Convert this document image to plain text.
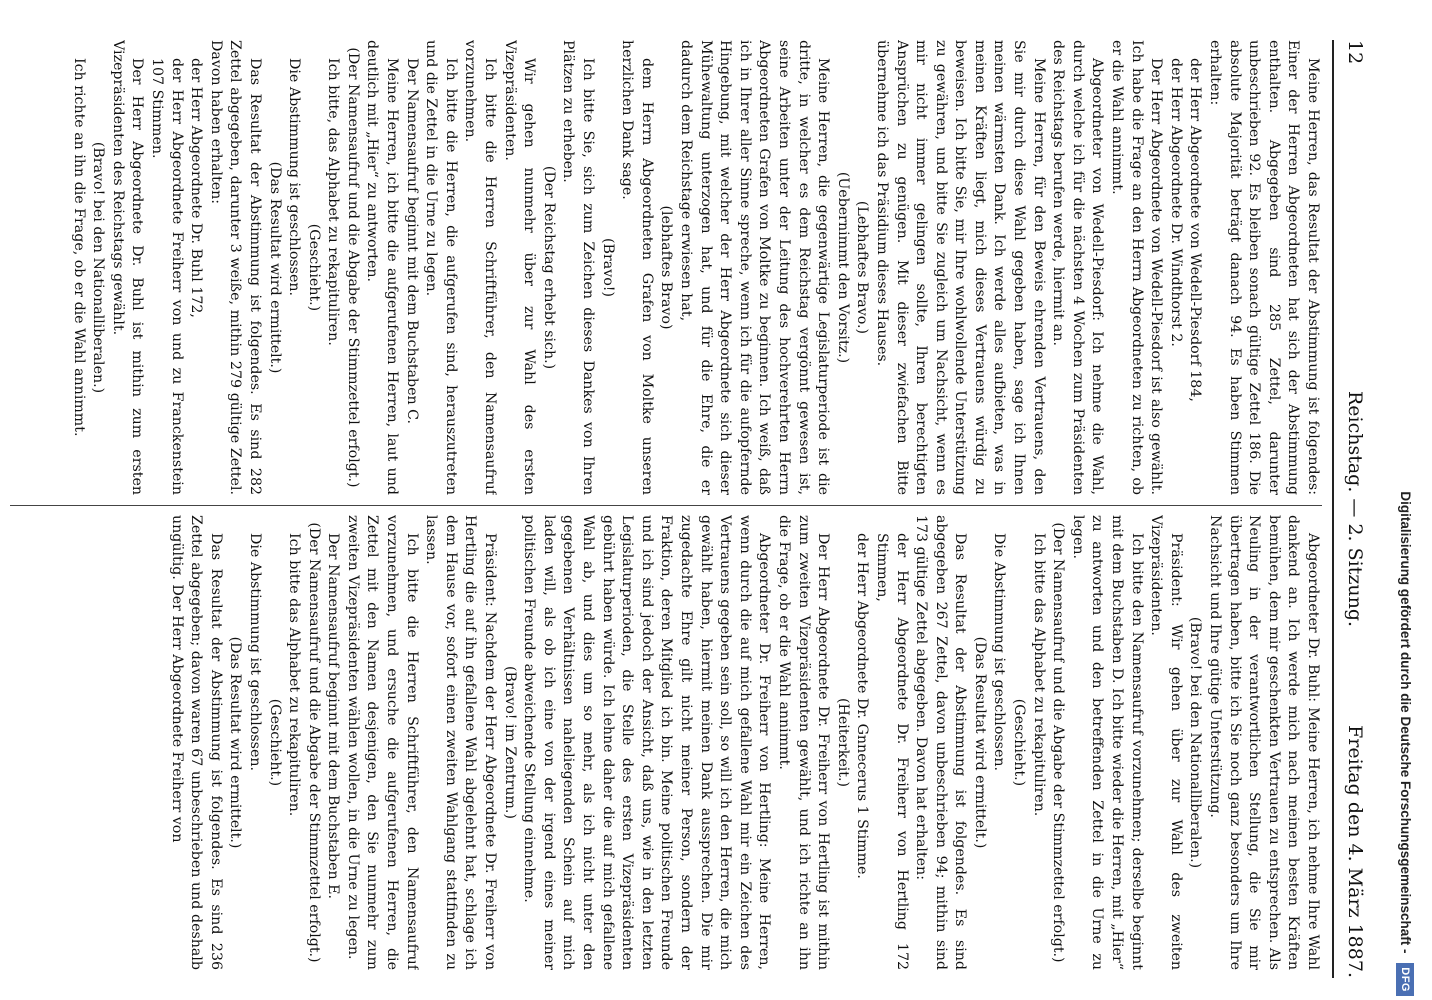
12
Reichstag. — 2. Sitzung.
Freitag den 4. März 1887.

Meine Herren, das Resultat der Abstimmung ist folgendes: Einer der Herren Abgeordneten hat sich der Abstimmung enthalten. Abgegeben sind 285 Zettel, darunter unbeschrieben 92. Es bleiben sonach gültige Zettel 186. Die absolute Majorität beträgt danach 94. Es haben Stimmen erhalten:

der Herr Abgeordnete von Wedell-Piesdorf 184,

der Herr Abgeordnete Dr. Windthorst 2.

Der Herr Abgeordnete von Wedell-Piesdorf ist also gewählt. Ich habe die Frage an den Herrn Abgeordneten zu richten, ob er die Wahl annimmt.

Abgeordneter von Wedell-Piesdorf: Ich nehme die Wahl, durch welche ich für die nächsten 4 Wochen zum Präsidenten des Reichstags berufen werde, hiermit an.

Meine Herren, für den Beweis ehrenden Vertrauens, den Sie mir durch diese Wahl gegeben haben, sage ich Ihnen meinen wärmsten Dank. Ich werde alles aufbieten, was in meinen Kräften liegt, mich dieses Vertrauens würdig zu beweisen. Ich bitte Sie, mir Ihre wohlwollende Unterstützung zu gewähren, und bitte Sie zugleich um Nachsicht, wenn es mir nicht immer gelingen sollte, Ihren berechtigten Ansprüchen zu genügen. Mit dieser zwiefachen Bitte übernehme ich das Präsidium dieses Hauses.

(Lebhaftes Bravo.)

(Uebernimmt den Vorsitz.)

Meine Herren, die gegenwärtige Legislaturperiode ist die dritte, in welcher es dem Reichstag vergönnt gewesen ist, seine Arbeiten unter der Leitung des hochverehrten Herrn Abgeordneten Grafen von Moltke zu beginnen. Ich weiß, daß ich in Ihrer aller Sinne spreche, wenn ich für die aufopfernde Hingebung, mit welcher der Herr Abgeordnete sich dieser Mühewaltung unterzogen hat, und für die Ehre, die er dadurch dem Reichstage erwiesen hat,

(lebhaftes Bravo)

dem Herrn Abgeordneten Grafen von Moltke unseren herzlichen Dank sage.

(Bravo!)

Ich bitte Sie, sich zum Zeichen dieses Dankes von Ihren Plätzen zu erheben.

(Der Reichstag erhebt sich.)

Wir gehen nunmehr über zur Wahl des ersten Vizepräsidenten.

Ich bitte die Herren Schriftführer, den Namensaufruf vorzunehmen.

Ich bitte die Herren, die aufgerufen sind, herauszutreten und die Zettel in die Urne zu legen.

Der Namensaufruf beginnt mit dem Buchstaben C.

Meine Herren, ich bitte die aufgerufenen Herren, laut und deutlich mit „Hier“ zu antworten.

(Der Namensaufruf und die Abgabe der Stimmzettel erfolgt.)

Ich bitte, das Alphabet zu rekapituliren.

(Geschieht.)

Die Abstimmung ist geschlossen.

(Das Resultat wird ermittelt.)

Das Resultat der Abstimmung ist folgendes. Es sind 282 Zettel abgegeben, darunter 3 weiße, mithin 279 gültige Zettel. Davon haben erhalten:

der Herr Abgeordnete Dr. Buhl 172,

der Herr Abgeordnete Freiherr von und zu Franckenstein 107 Stimmen.

Der Herr Abgeordnete Dr. Buhl ist mithin zum ersten Vizepräsidenten des Reichstags gewählt.

(Bravo! bei den Nationalliberalen.)

Ich richte an ihn die Frage, ob er die Wahl annimmt.

Abgeordneter Dr. Buhl: Meine Herren, ich nehme Ihre Wahl dankend an. Ich werde mich nach meinen besten Kräften bemühen, dem mir geschenkten Vertrauen zu entsprechen. Als Neuling in der verantwortlichen Stellung, die Sie mir übertragen haben, bitte ich Sie noch ganz besonders um Ihre Nachsicht und Ihre gütige Unterstützung.

(Bravo! bei den Nationalliberalen.)

Präsident: Wir gehen über zur Wahl des zweiten Vizepräsidenten.

Ich bitte den Namensaufruf vorzunehmen; derselbe beginnt mit dem Buchstaben D. Ich bitte wieder die Herren, mit „Hier“ zu antworten und den betreffenden Zettel in die Urne zu legen.

(Der Namensaufruf und die Abgabe der Stimmzettel erfolgt.)

Ich bitte das Alphabet zu rekapituliren.

(Geschieht.)

Die Abstimmung ist geschlossen.

(Das Resultat wird ermittelt.)

Das Resultat der Abstimmung ist folgendes. Es sind abgegeben 267 Zettel, davon unbeschrieben 94; mithin sind 173 gültige Zettel abgegeben. Davon hat erhalten:

der Herr Abgeordnete Dr. Freiherr von Hertling 172 Stimmen,

der Herr Abgeordnete Dr. Gnnecerus 1 Stimme.

(Heiterkeit.)

Der Herr Abgeordnete Dr. Freiherr von Hertling ist mithin zum zweiten Vizepräsidenten gewählt, und ich richte an ihn die Frage, ob er die Wahl annimmt.

Abgeordneter Dr. Freiherr von Hertling: Meine Herren, wenn durch die auf mich gefallene Wahl mir ein Zeichen des Vertrauens gegeben sein soll, so will ich den Herren, die mich gewählt haben, hiermit meinen Dank aussprechen. Die mir zugedachte Ehre gilt nicht meiner Person, sondern der Fraktion, deren Mitglied ich bin. Meine politischen Freunde und ich sind jedoch der Ansicht, daß uns, wie in den letzten Legislaturperioden, die Stelle des ersten Vizepräsidenten gebührt haben würde. Ich lehne daher die auf mich gefallene Wahl ab, und dies um so mehr, als ich nicht unter den gegebenen Verhältnissen naheliegenden Schein auf mich laden will, als ob ich eine von der irgend eines meiner politischen Freunde abweichende Stellung einnehme.

(Bravo! im Zentrum.)

Präsident: Nachdem der Herr Abgeordnete Dr. Freiherr von Hertling die auf ihn gefallene Wahl abgelehnt hat, schlage ich dem Hause vor, sofort einen zweiten Wahlgang stattfinden zu lassen.

Ich bitte die Herren Schriftführer, den Namensaufruf vorzunehmen, und ersuche die aufgerufenen Herren, die Zettel mit den Namen desjenigen, den Sie nunmehr zum zweiten Vizepräsidenten wählen wollen, in die Urne zu legen.

Der Namensaufruf beginnt mit dem Buchstaben E.

(Der Namensaufruf und die Abgabe der Stimmzettel erfolgt.)

Ich bitte das Alphabet zu rekapituliren.

(Geschieht.)

Die Abstimmung ist geschlossen.

(Das Resultat wird ermittelt.)

Das Resultat der Abstimmung ist folgendes. Es sind 236 Zettel abgegeben; davon waren 67 unbeschrieben und deshalb ungültig. Der Herr Abgeordnete Freiherr von	Digitalisierung gefördert durch die Deutsche Forschungsgemeinschaft - DFG
